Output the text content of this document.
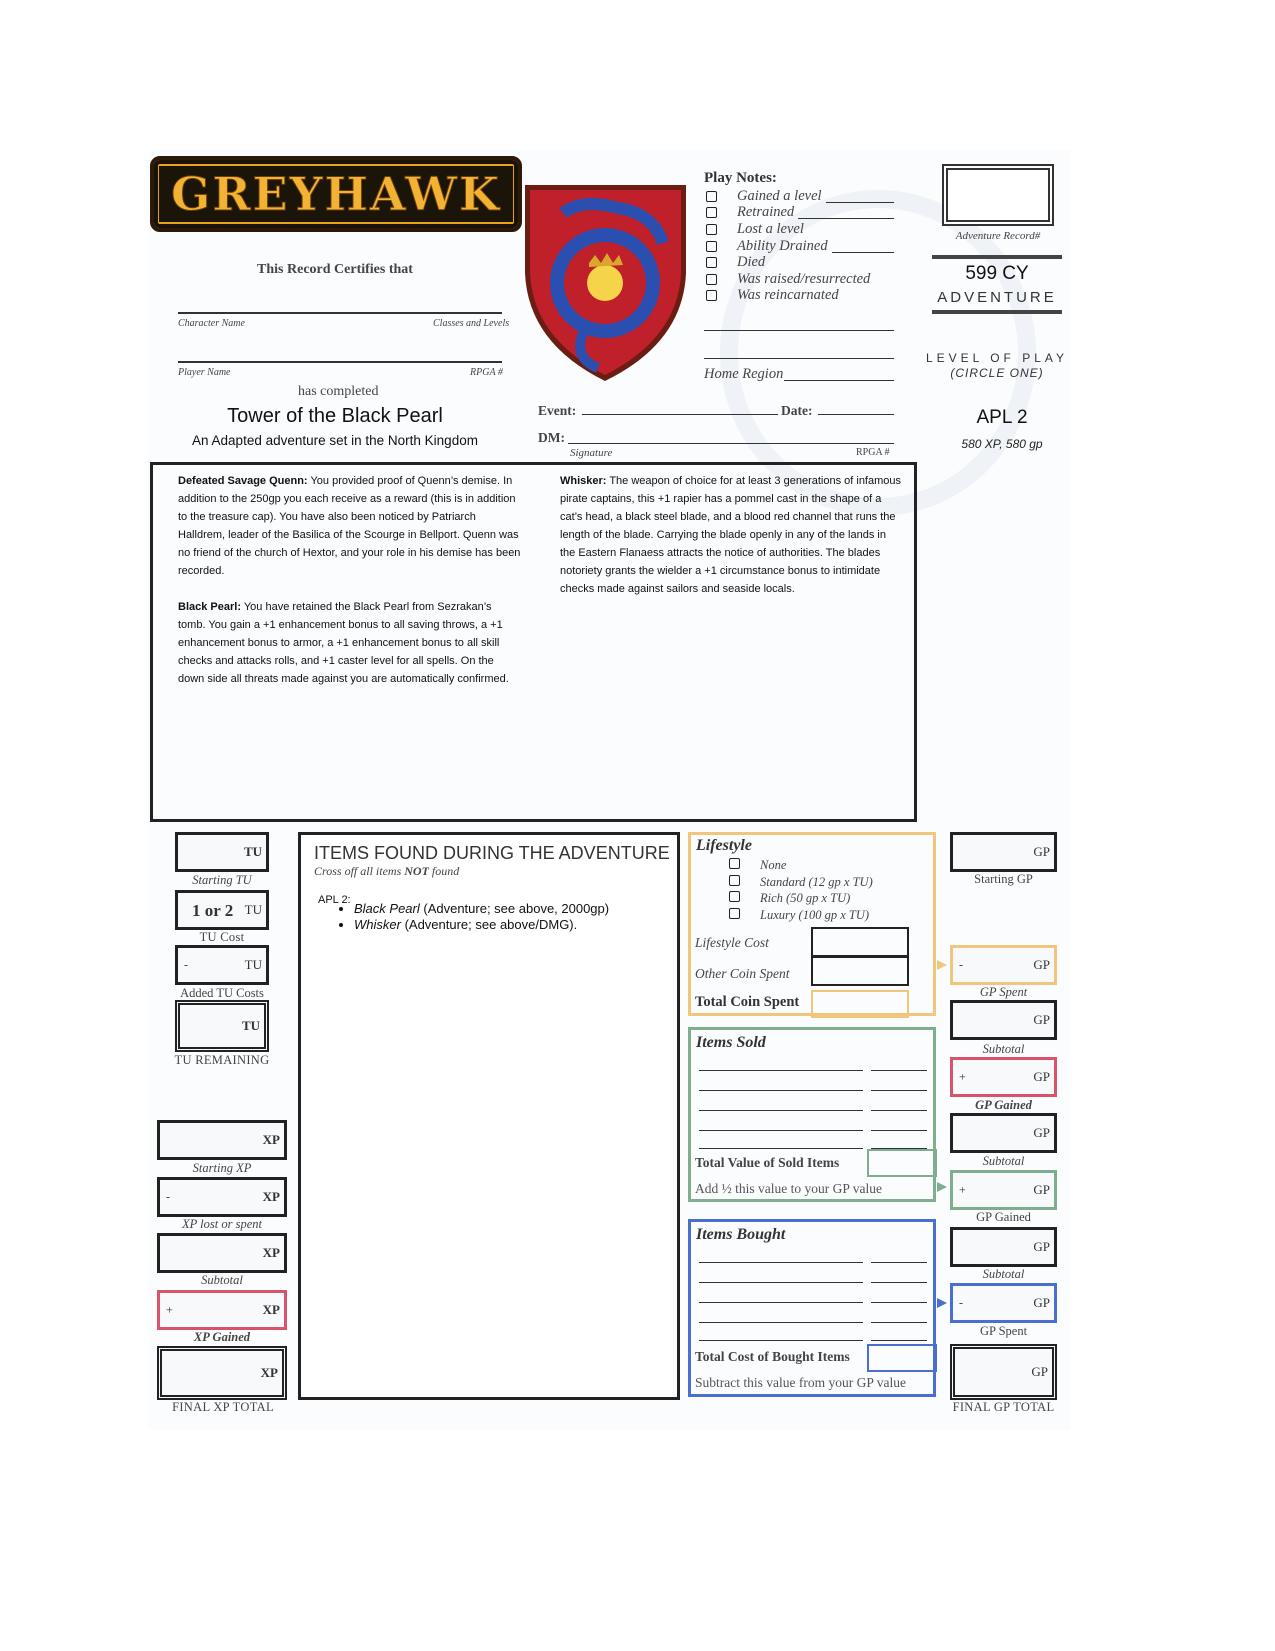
GREYHAWK
This Record Certifies that
Character Name	Classes and Levels
Player Name	RPGA #
has completed
Tower of the Black Pearl
An Adapted adventure set in the North Kingdom
Play Notes:
Gained a level
Retrained
Lost a level
Ability Drained
Died
Was raised/resurrected
Was reincarnated
Home Region
Event:	Date:
DM:
Signature	RPGA #
Adventure Record#
599 CY
ADVENTURE
LEVEL OF PLAY
(CIRCLE ONE)
APL 2
580 XP, 580 gp

Defeated Savage Quenn: You provided proof of Quenn’s demise. In addition to the 250gp you each receive as a reward (this is in addition to the treasure cap). You have also been noticed by Patriarch Halldrem, leader of the Basilica of the Scourge in Bellport. Quenn was no friend of the church of Hextor, and your role in his demise has been recorded.

Black Pearl: You have retained the Black Pearl from Sezrakan’s tomb. You gain a +1 enhancement bonus to all saving throws, a +1 enhancement bonus to armor, a +1 enhancement bonus to all skill checks and attacks rolls, and +1 caster level for all spells. On the down side all threats made against you are automatically confirmed.

Whisker: The weapon of choice for at least 3 generations of infamous pirate captains, this +1 rapier has a pommel cast in the shape of a cat’s head, a black steel blade, and a blood red channel that runs the length of the blade. Carrying the blade openly in any of the lands in the Eastern Flanaess attracts the notice of authorities. The blades notoriety grants the wielder a +1 circumstance bonus to intimidate checks made against sailors and seaside locals.

TU
Starting TU
1 or 2 TU
TU Cost
-	TU
Added TU Costs
TU
TU REMAINING
XP
Starting XP
-	XP
XP lost or spent
XP
Subtotal
+	XP
XP Gained
XP
FINAL XP TOTAL
ITEMS FOUND DURING THE ADVENTURE
Cross off all items NOT found
APL 2:
• Black Pearl (Adventure; see above, 2000gp)
• Whisker (Adventure; see above/DMG).
Lifestyle
None
Standard (12 gp x TU)
Rich (50 gp x TU)
Luxury (100 gp x TU)
Lifestyle Cost
Other Coin Spent
Total Coin Spent
Items Sold
Total Value of Sold Items
Add ½ this value to your GP value
Items Bought
Total Cost of Bought Items
Subtract this value from your GP value
GP
Starting GP
-	GP
GP Spent
GP
Subtotal
+	GP
GP Gained
GP
Subtotal
+	GP
GP Gained
GP
Subtotal
-	GP
GP Spent
GP
FINAL GP TOTAL
